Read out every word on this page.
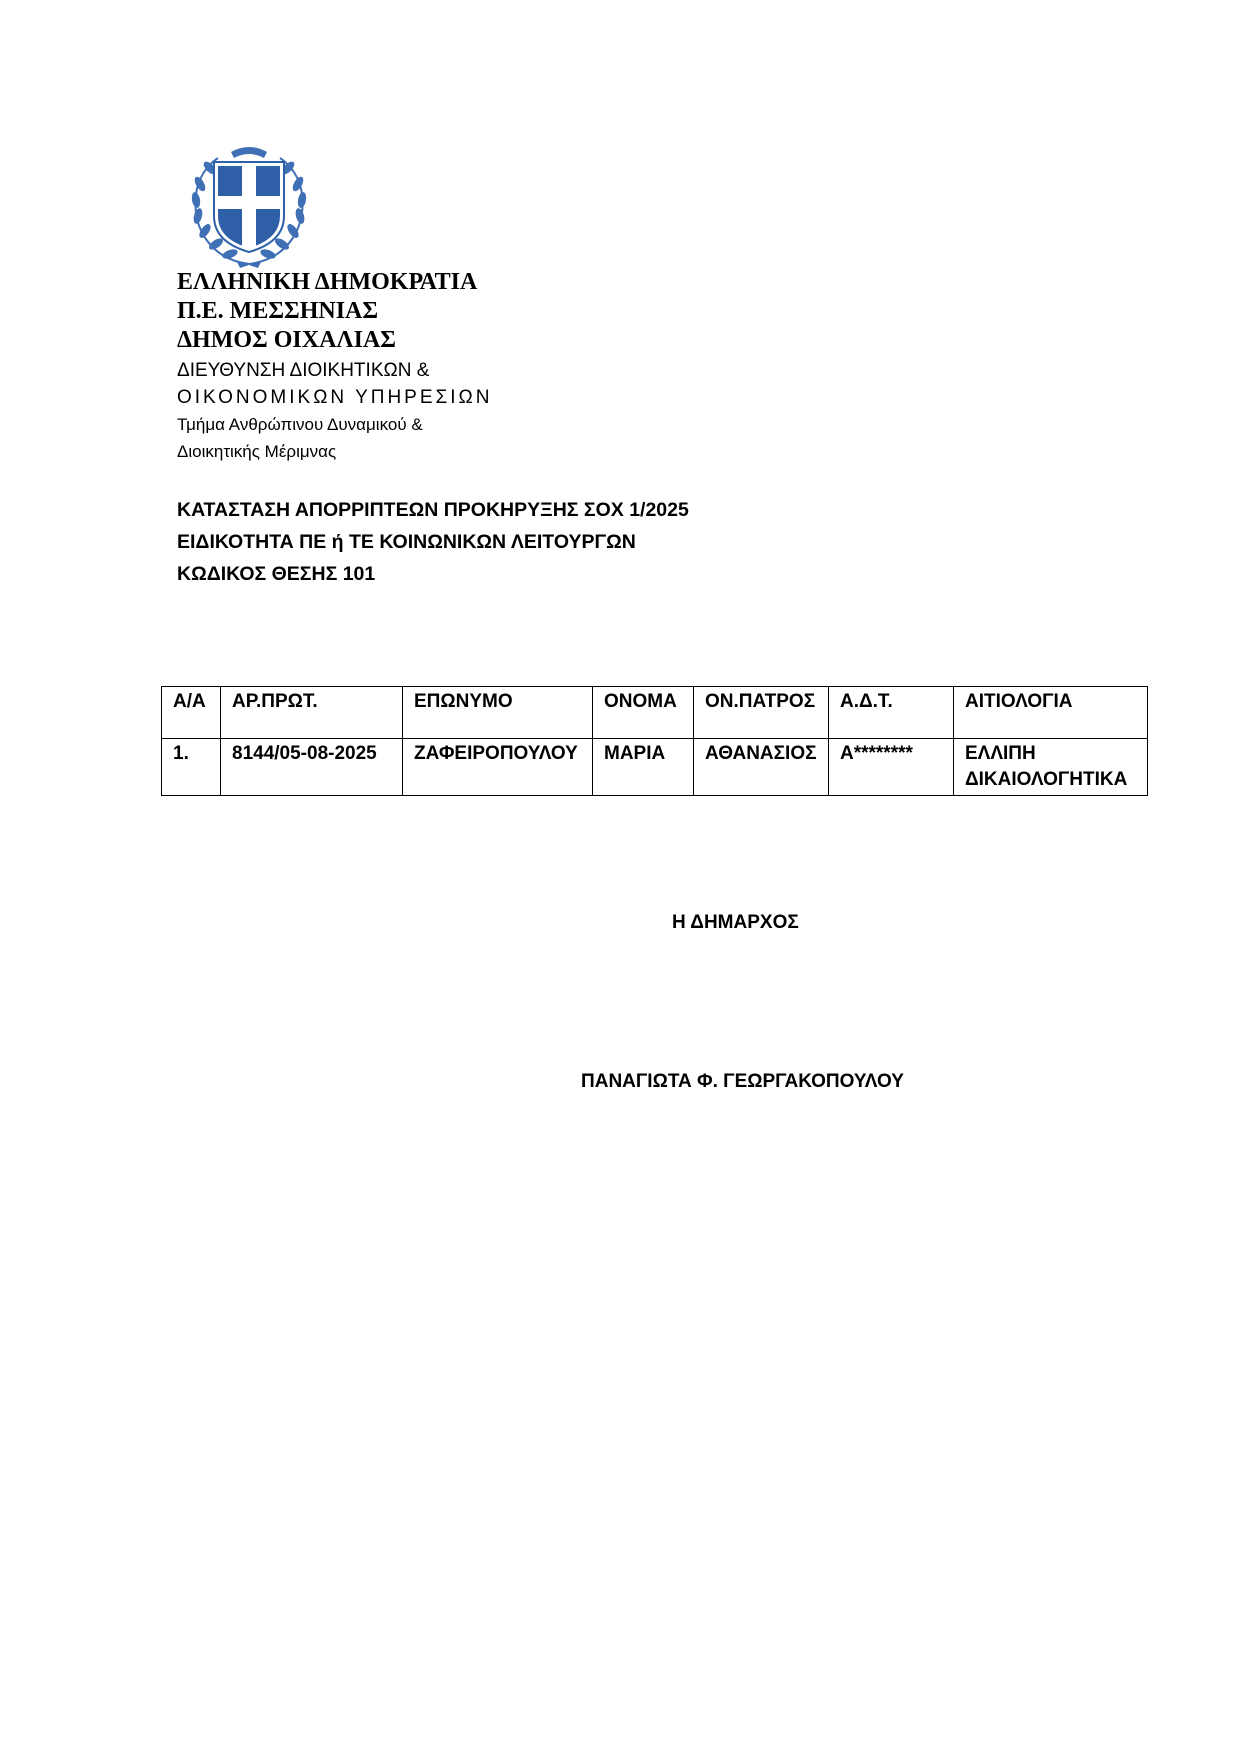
ΕΛΛΗΝΙΚΗ ΔΗΜΟΚΡΑΤΙΑ
Π.Ε. ΜΕΣΣΗΝΙΑΣ
ΔΗΜΟΣ ΟΙΧΑΛΙΑΣ
ΔΙΕΥΘΥΝΣΗ ΔΙΟΙΚΗΤΙΚΩΝ &
ΟΙΚΟΝΟΜΙΚΩΝ ΥΠΗΡΕΣΙΩΝ
Τμήμα Ανθρώπινου Δυναμικού &
Διοικητικής Μέριμνας
ΚΑΤΑΣΤΑΣΗ ΑΠΟΡΡΙΠΤΕΩΝ ΠΡΟΚΗΡΥΞΗΣ ΣΟΧ 1/2025
ΕΙΔΙΚΟΤΗΤΑ ΠΕ ή ΤΕ ΚΟΙΝΩΝΙΚΩΝ ΛΕΙΤΟΥΡΓΩΝ
ΚΩΔΙΚΟΣ ΘΕΣΗΣ 101
Α/Α	ΑΡ.ΠΡΩΤ.	ΕΠΩΝΥΜΟ	ΟΝΟΜΑ	ΟΝ.ΠΑΤΡΟΣ	Α.Δ.Τ.	ΑΙΤΙΟΛΟΓΙΑ
1.	8144/05-08-2025	ΖΑΦΕΙΡΟΠΟΥΛΟΥ	ΜΑΡΙΑ	ΑΘΑΝΑΣΙΟΣ	Α********	ΕΛΛΙΠΗ ΔΙΚΑΙΟΛΟΓΗΤΙΚΑ
Η ΔΗΜΑΡΧΟΣ
ΠΑΝΑΓΙΩΤΑ Φ. ΓΕΩΡΓΑΚΟΠΟΥΛΟΥ
